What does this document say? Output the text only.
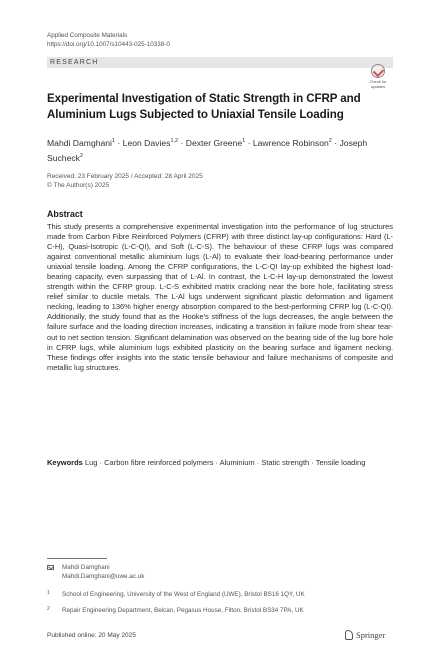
Applied Composite Materials
https://doi.org/10.1007/s10443-025-10338-0
RESEARCH
Check for
updates
Experimental Investigation of Static Strength in CFRP and Aluminium Lugs Subjected to Uniaxial Tensile Loading
Mahdi Damghani$^1$ · Leon Davies$^{1,2}$ · Dexter Greene$^1$ · Lawrence Robinson$^2$ · Joseph Sucheck$^2$
Received: 23 February 2025 / Accepted: 28 April 2025
© The Author(s) 2025
Abstract

This study presents a comprehensive experimental investigation into the performance of lug structures made from Carbon Fibre Reinforced Polymers (CFRP) with three distinct lay-up configurations: Hard (L-C-H), Quasi-Isotropic (L-C-QI), and Soft (L-C-S). The behaviour of these CFRP lugs was compared against conventional metallic aluminium lugs (L-Al) to evaluate their load-bearing performance under uniaxial tensile loading. Among the CFRP configurations, the L-C-QI lay-up exhibited the highest load-bearing capacity, even surpassing that of L-Al. In contrast, the L-C-H lay-up demonstrated the lowest strength within the CFRP group. L-C-S exhibited matrix cracking near the bore hole, facilitating stress relief similar to ductile metals. The L-Al lugs underwent significant plastic deformation and ligament necking, leading to 136% higher energy absorption compared to the best-performing CFRP lug (L-C-QI). Additionally, the study found that as the Hooke's stiffness of the lugs decreases, the angle between the failure surface and the loading direction increases, indicating a transition in failure mode from shear tear-out to net section tension. Significant delamination was observed on the bearing side of the lug bore hole in CFRP lugs, while aluminium lugs exhibited plasticity on the bearing surface and ligament necking. These findings offer insights into the static tensile behaviour and failure mechanisms of composite and metallic lug structures.

Keywords Lug · Carbon fibre reinforced polymers · Aluminium · Static strength · Tensile loading
Mahdi Damghani
Mahdi.Damghani@uwe.ac.uk
1 School of Engineering, University of the West of England (UWE), Bristol BS16 1QY, UK
2 Repair Engineering Department, Belcan, Pegasus House, Filton, Bristol BS34 7PA, UK
Published online: 20 May 2025	Springer
